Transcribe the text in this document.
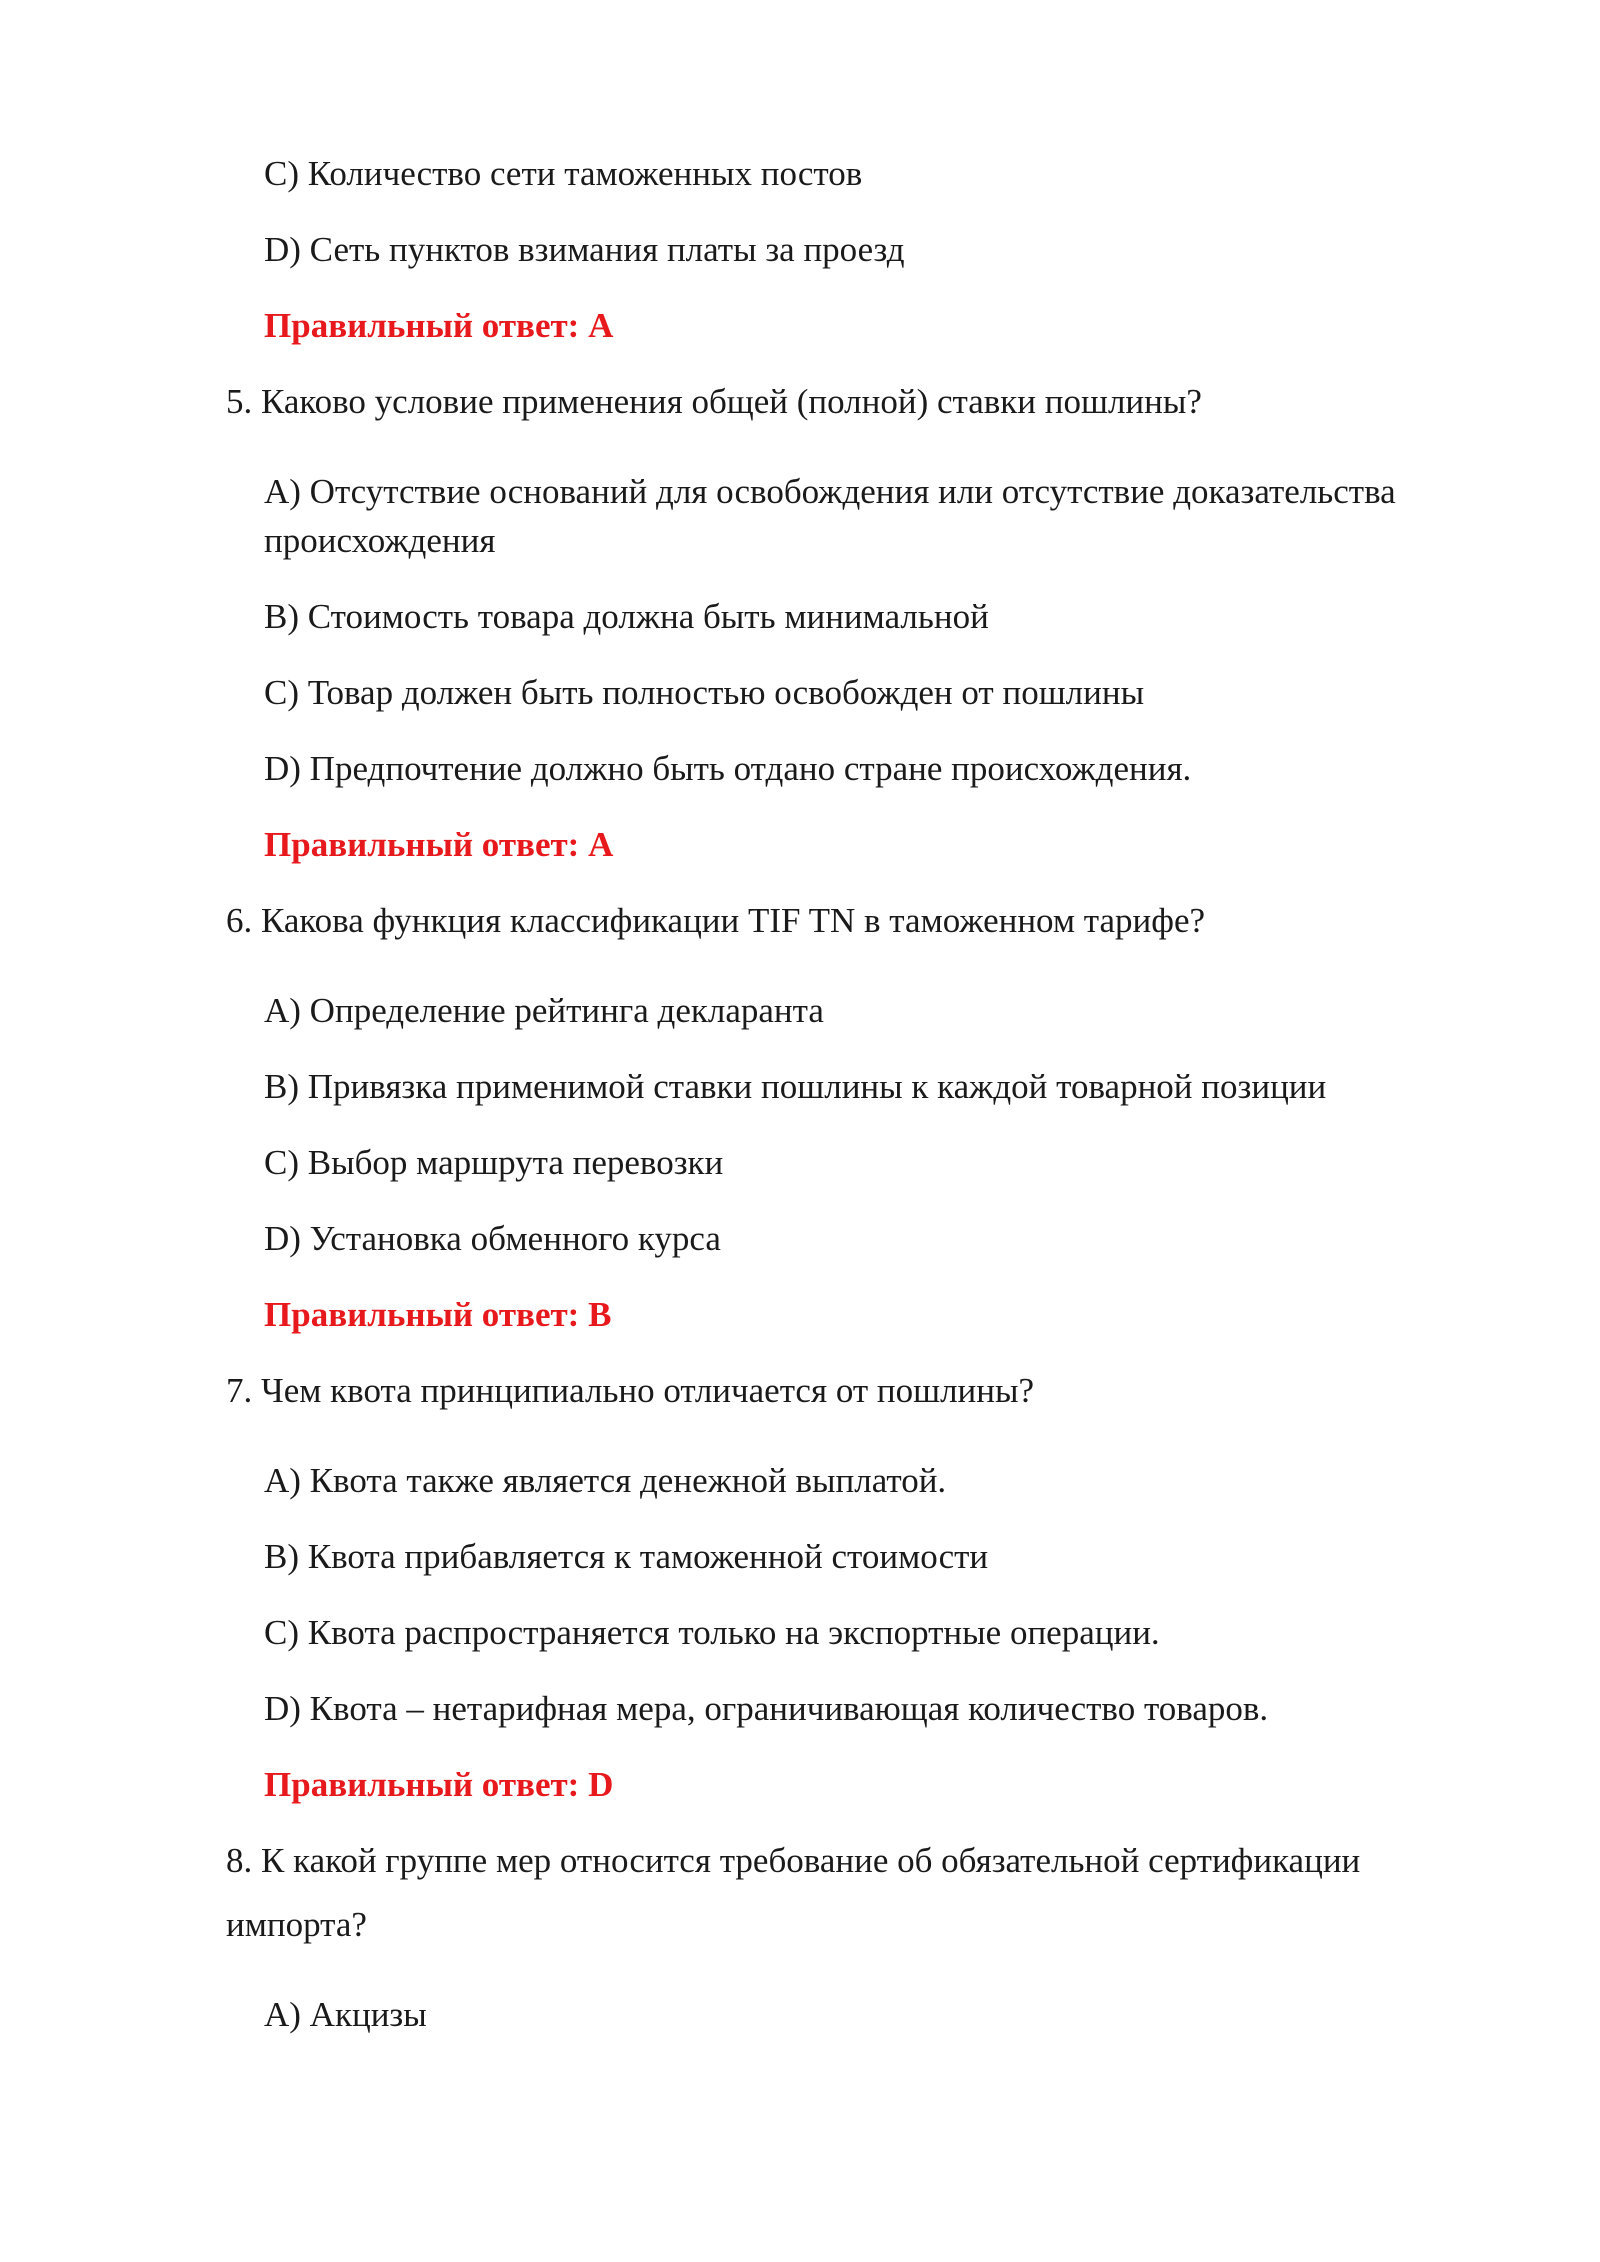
C) Количество сети таможенных постов

D) Сеть пунктов взимания платы за проезд

Правильный ответ: A

5. Каково условие применения общей (полной) ставки пошлины?

A) Отсутствие оснований для освобождения или отсутствие доказательства

происхождения

B) Стоимость товара должна быть минимальной

C) Товар должен быть полностью освобожден от пошлины

D) Предпочтение должно быть отдано стране происхождения.

Правильный ответ: A

6. Какова функция классификации TIF TN в таможенном тарифе?

A) Определение рейтинга декларанта

B) Привязка применимой ставки пошлины к каждой товарной позиции

C) Выбор маршрута перевозки

D) Установка обменного курса

Правильный ответ: B

7. Чем квота принципиально отличается от пошлины?

A) Квота также является денежной выплатой.

B) Квота прибавляется к таможенной стоимости

C) Квота распространяется только на экспортные операции.

D) Квота – нетарифная мера, ограничивающая количество товаров.

Правильный ответ: D

8. К какой группе мер относится требование об обязательной сертификации

импорта?

A) Акцизы
